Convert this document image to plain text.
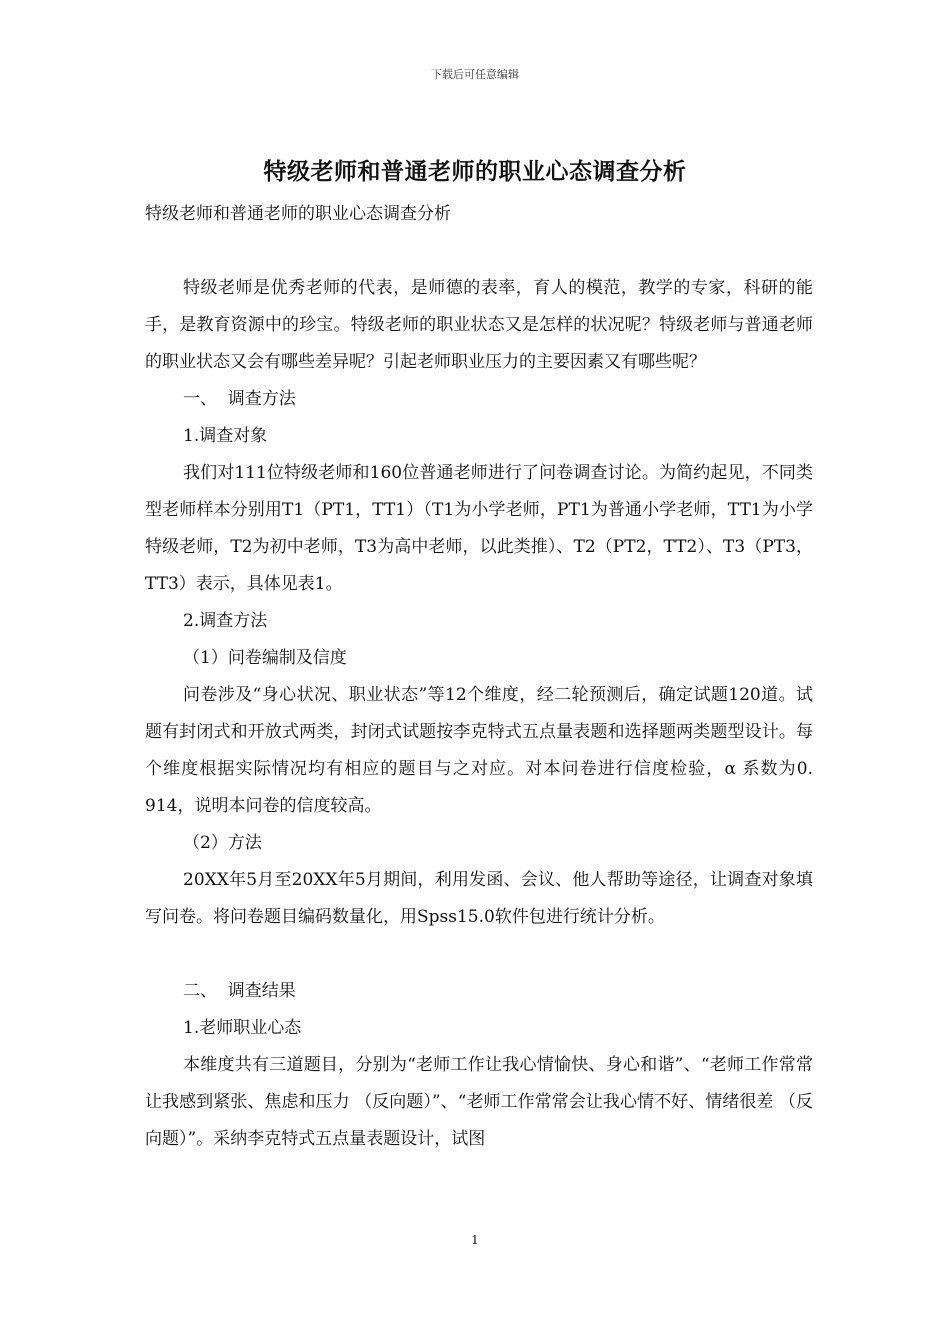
下载后可任意编辑
特级老师和普通老师的职业心态调查分析

特级老师和普通老师的职业心态调查分析

特级老师是优秀老师的代表，是师德的表率，育人的模范，教学的专家，科研的能手，是教育资源中的珍宝。特级老师的职业状态又是怎样的状况呢？特级老师与普通老师的职业状态又会有哪些差异呢？引起老师职业压力的主要因素又有哪些呢？

一、  调查方法

1.调查对象

我们对111位特级老师和160位普通老师进行了问卷调查讨论。为简约起见，不同类型老师样本分别用T1（PT1，TT1）（T1为小学老师，PT1为普通小学老师，TT1为小学特级老师，T2为初中老师，T3为高中老师，以此类推）、T2（PT2，TT2）、T3（PT3，TT3）表示，具体见表1。

2.调查方法

（1）问卷编制及信度

问卷涉及“身心状况、职业状态”等12个维度，经二轮预测后，确定试题120道。试题有封闭式和开放式两类，封闭式试题按李克特式五点量表题和选择题两类题型设计。每个维度根据实际情况均有相应的题目与之对应。对本问卷进行信度检验，α 系数为0. 914，说明本问卷的信度较高。

（2）方法

20XX年5月至20XX年5月期间，利用发函、会议、他人帮助等途径，让调查对象填写问卷。将问卷题目编码数量化，用Spss15.0软件包进行统计分析。

二、  调查结果

1.老师职业心态

本维度共有三道题目，分别为“老师工作让我心情愉快、身心和谐”、“老师工作常常让我感到紧张、焦虑和压力 （反向题）”、“老师工作常常会让我心情不好、情绪很差 （反向题）”。采纳李克特式五点量表题设计，试图

1
